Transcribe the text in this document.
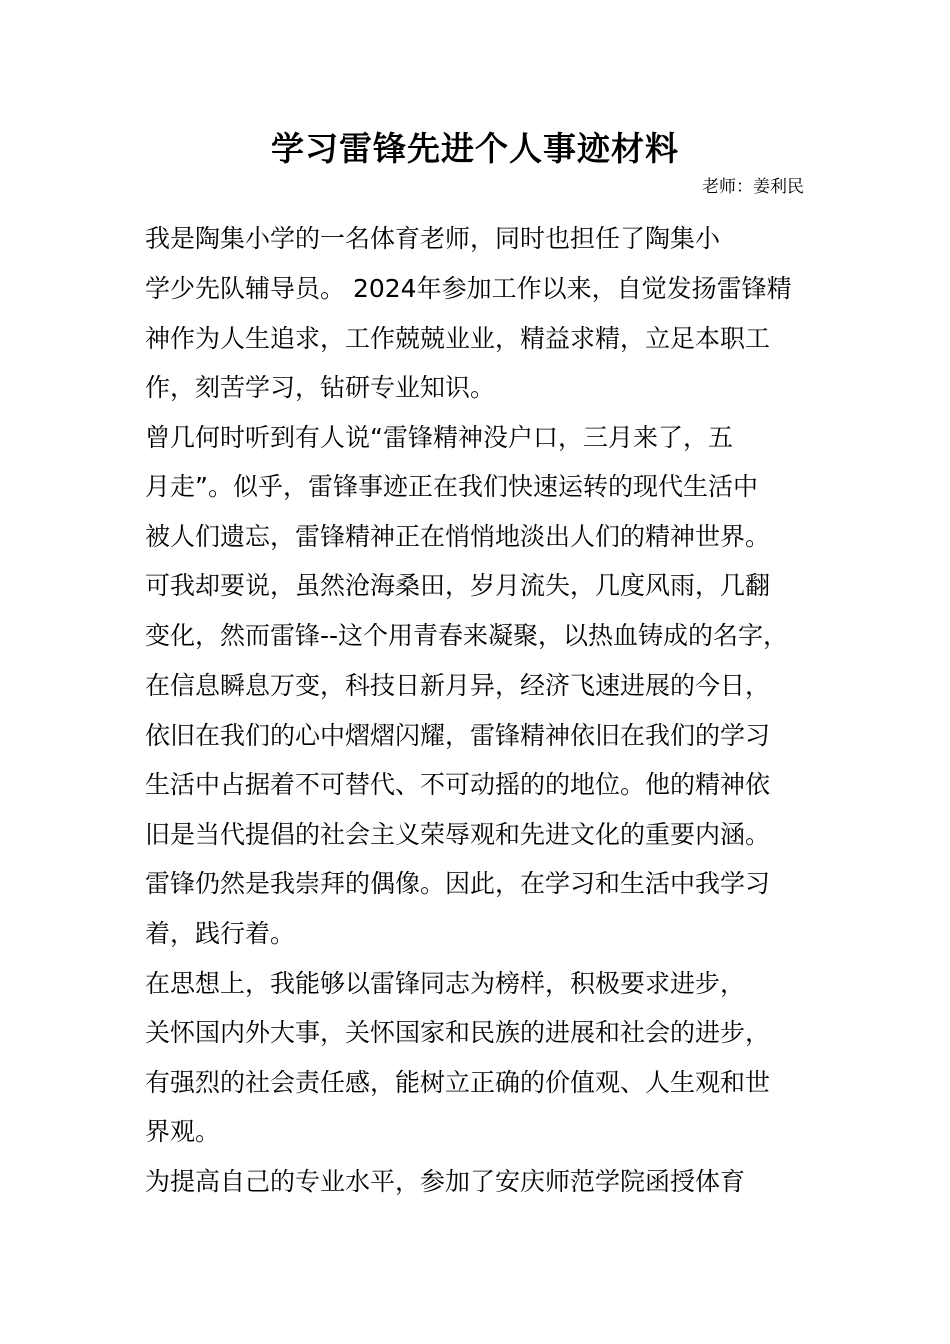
学习雷锋先进个人事迹材料
老师：姜利民
我是陶集小学的一名体育老师，同时也担任了陶集小
学少先队辅导员。 2024年参加工作以来，自觉发扬雷锋精
神作为人生追求，工作兢兢业业，精益求精，立足本职工
作，刻苦学习，钻研专业知识。
曾几何时听到有人说“雷锋精神没户口，三月来了，五
月走”。似乎，雷锋事迹正在我们快速运转的现代生活中
被人们遗忘，雷锋精神正在悄悄地淡出人们的精神世界。
可我却要说，虽然沧海桑田，岁月流失，几度风雨，几翻
变化，然而雷锋--这个用青春来凝聚，以热血铸成的名字，
在信息瞬息万变，科技日新月异，经济飞速进展的今日，
依旧在我们的心中熠熠闪耀，雷锋精神依旧在我们的学习
生活中占据着不可替代、不可动摇的的地位。他的精神依
旧是当代提倡的社会主义荣辱观和先进文化的重要内涵。
雷锋仍然是我崇拜的偶像。因此，在学习和生活中我学习
着，践行着。
在思想上，我能够以雷锋同志为榜样，积极要求进步，
关怀国内外大事，关怀国家和民族的进展和社会的进步，
有强烈的社会责任感，能树立正确的价值观、人生观和世
界观。
为提高自己的专业水平，参加了安庆师范学院函授体育
